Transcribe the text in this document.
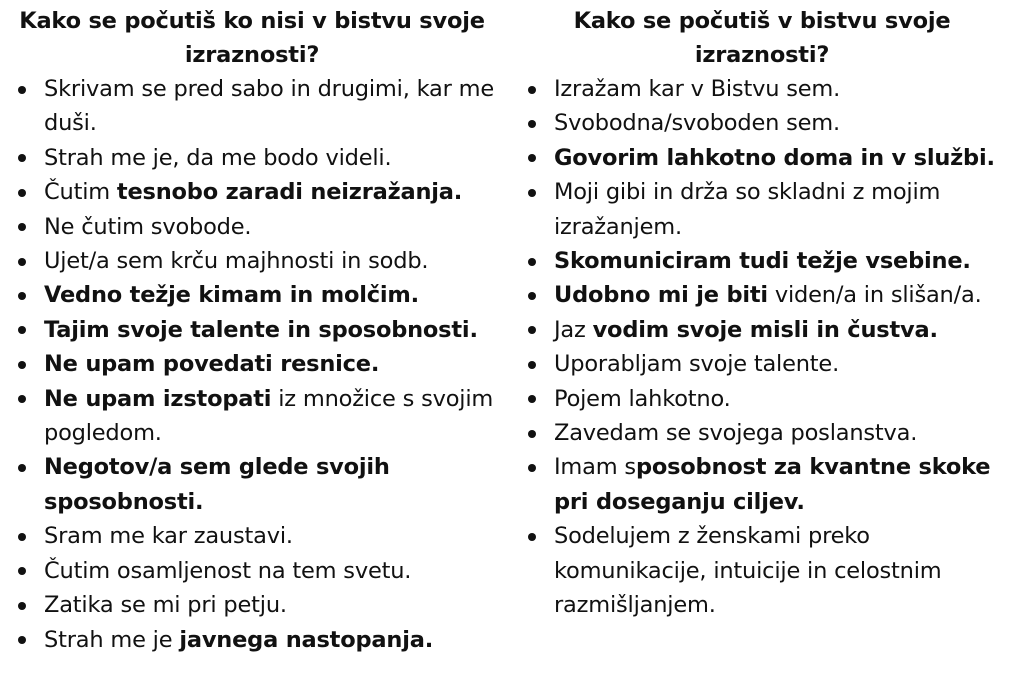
Kako se počutiš ko nisi v bistvu svoje izraznosti?
Skrivam se pred sabo in drugimi, kar me duši.
Strah me je, da me bodo videli.
Čutim tesnobo zaradi neizražanja.
Ne čutim svobode.
Ujet/a sem krču majhnosti in sodb.
Vedno težje kimam in molčim.
Tajim svoje talente in sposobnosti.
Ne upam povedati resnice.
Ne upam izstopati iz množice s svojim pogledom.
Negotov/a sem glede svojih sposobnosti.
Sram me kar zaustavi.
Čutim osamljenost na tem svetu.
Zatika se mi pri petju.
Strah me je javnega nastopanja.
Kako se počutiš v bistvu svoje izraznosti?
Izražam kar v Bistvu sem.
Svobodna/svoboden sem.
Govorim lahkotno doma in v službi.
Moji gibi in drža so skladni z mojim izražanjem.
Skomuniciram tudi težje vsebine.
Udobno mi je biti viden/a in slišan/a.
Jaz vodim svoje misli in čustva.
Uporabljam svoje talente.
Pojem lahkotno.
Zavedam se svojega poslanstva.
Imam sposobnost za kvantne skoke pri doseganju ciljev.
Sodelujem z ženskami preko komunikacije, intuicije in celostnim razmišljanjem.
